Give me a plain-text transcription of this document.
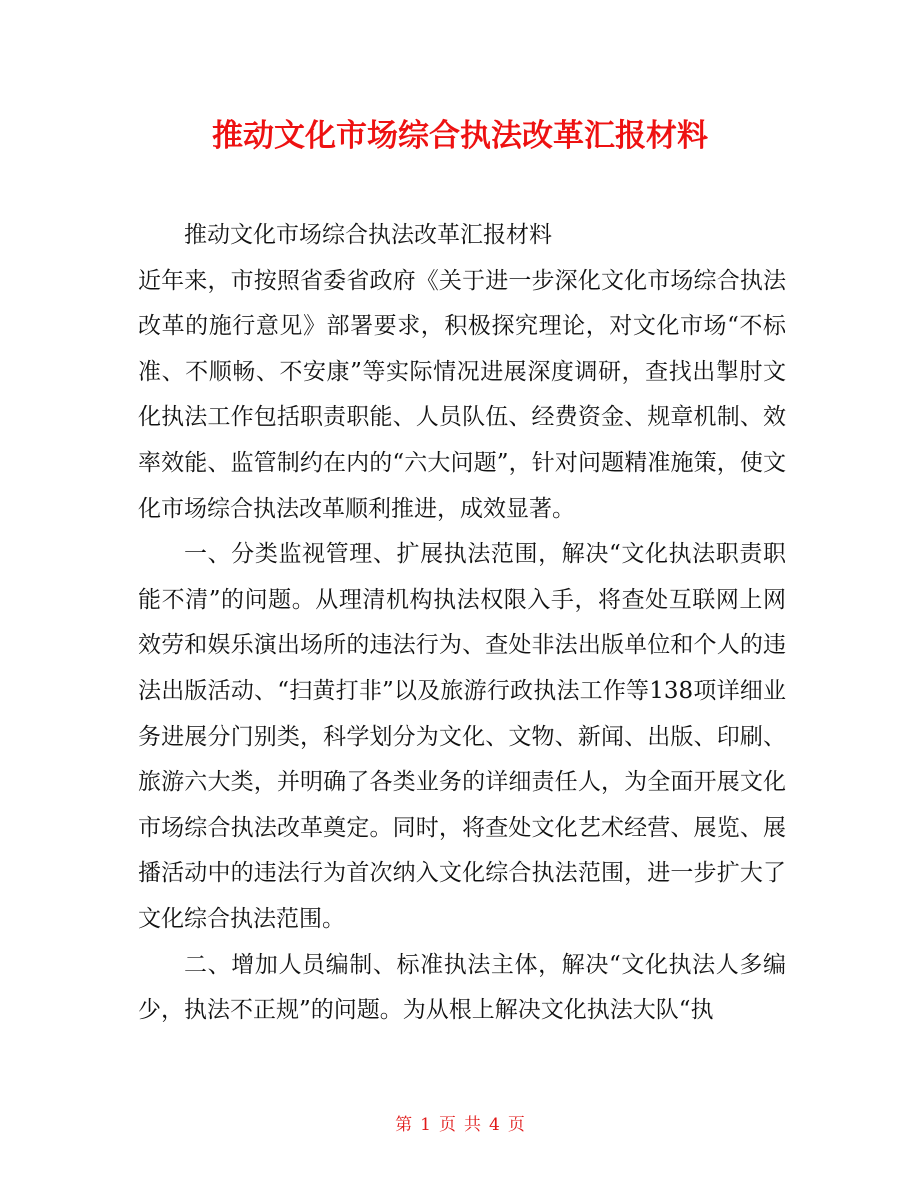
推动文化市场综合执法改革汇报材料

推动文化市场综合执法改革汇报材料

近年来，市按照省委省政府《关于进一步深化文化市场综合执法改革的施行意见》部署要求，积极探究理论，对文化市场“不标准、不顺畅、不安康”等实际情况进展深度调研，查找出掣肘文化执法工作包括职责职能、人员队伍、经费资金、规章机制、效率效能、监管制约在内的“六大问题”，针对问题精准施策，使文化市场综合执法改革顺利推进，成效显著。

一、分类监视管理、扩展执法范围，解决“文化执法职责职能不清”的问题。从理清机构执法权限入手，将查处互联网上网效劳和娱乐演出场所的违法行为、查处非法出版单位和个人的违法出版活动、“扫黄打非”以及旅游行政执法工作等138项详细业务进展分门别类，科学划分为文化、文物、新闻、出版、印刷、旅游六大类，并明确了各类业务的详细责任人，为全面开展文化市场综合执法改革奠定。同时，将查处文化艺术经营、展览、展播活动中的违法行为首次纳入文化综合执法范围，进一步扩大了文化综合执法范围。

二、增加人员编制、标准执法主体，解决“文化执法人多编少，执法不正规”的问题。为从根上解决文化执法大队“执

第 1 页 共 4 页
